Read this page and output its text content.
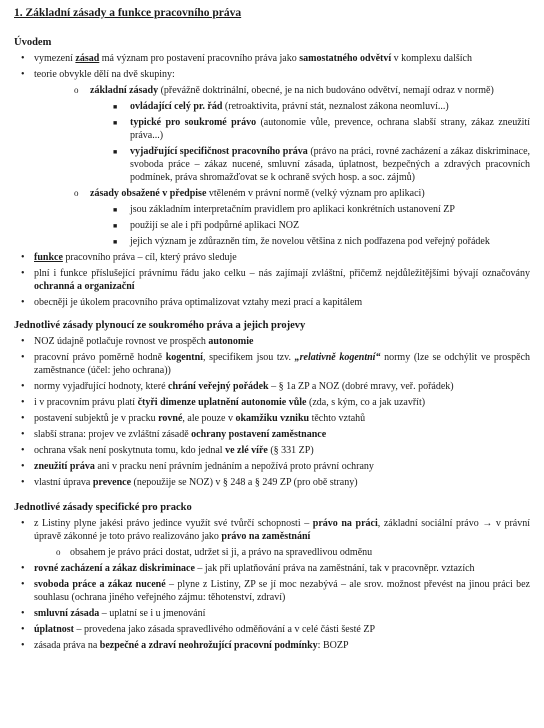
1. Základní zásady a funkce pracovního práva
Úvodem
• vymezení zásad má význam pro postavení pracovního práva jako samostatného odvětví v komplexu dalších
• teorie obvykle dělí na dvě skupiny:
o základní zásady (převážně doktrinální, obecné, je na nich budováno odvětví, nemají odraz v normě)
■ ovládající celý pr. řád (retroaktivita, právní stát, neznalost zákona neomluví...)
■ typické pro soukromé právo (autonomie vůle, prevence, ochrana slabší strany, zákaz zneužití práva...)
■ vyjadřující specifičnost pracovního práva (právo na práci, rovné zacházení a zákaz diskriminace, svoboda práce – zákaz nucené, smluvní zásada, úplatnost, bezpečných a zdravých pracovních podmínek, práva shromažďovat se k ochraně svých hosp. a soc. zájmů)
o zásady obsažené v předpise vtěleném v právní normě (velký význam pro aplikaci)
■ jsou základním interpretačním pravidlem pro aplikaci konkrétních ustanovení ZP
■ použijí se ale i při podpůrné aplikaci NOZ
■ jejich význam je zdůrazněn tím, že novelou většina z nich podřazena pod veřejný pořádek
• funkce pracovního práva – cíl, který právo sleduje
• plní i funkce příslušející právnímu řádu jako celku – nás zajímají zvláštní, přičemž nejdůležitějšími bývají označovány ochranná a organizační
• obecněji je úkolem pracovního práva optimalizovat vztahy mezi prací a kapitálem
Jednotlivé zásady plynoucí ze soukromého práva a jejich projevy
• NOZ údajně potlačuje rovnost ve prospěch autonomie
• pracovní právo poměrně hodně kogentní, specifikem jsou tzv. „relativně kogentní“ normy (lze se odchýlit ve prospěch zaměstnance (účel: jeho ochrana))
• normy vyjadřující hodnoty, které chrání veřejný pořádek – § 1a ZP a NOZ (dobré mravy, veř. pořádek)
• i v pracovním právu platí čtyři dimenze uplatnění autonomie vůle (zda, s kým, co a jak uzavřít)
• postavení subjektů je v pracku rovné, ale pouze v okamžiku vzniku těchto vztahů
• slabší strana: projev ve zvláštní zásadě ochrany postavení zaměstnance
• ochrana však není poskytnuta tomu, kdo jednal ve zlé víře (§ 331 ZP)
• zneužití práva ani v pracku není právním jednáním a nepožívá proto právní ochrany
• vlastní úprava prevence (nepoužije se NOZ) v § 248 a § 249 ZP (pro obě strany)
Jednotlivé zásady specifické pro pracko
• z Listiny plyne jakési právo jedince využít své tvůrčí schopnosti – právo na práci, základní sociální právo → v právní úpravě zákonné je toto právo realizováno jako právo na zaměstnání
o obsahem je právo práci dostat, udržet si ji, a právo na spravedlivou odměnu
• rovné zacházení a zákaz diskriminace – jak při uplatňování práva na zaměstnání, tak v pracovněpr. vztazích
• svoboda práce a zákaz nucené – plyne z Listiny, ZP se jí moc nezabývá – ale srov. možnost převést na jinou práci bez souhlasu (ochrana jiného veřejného zájmu: těhotenství, zdraví)
• smluvní zásada – uplatní se i u jmenování
• úplatnost – provedena jako zásada spravedlivého odměňování a v celé části šesté ZP
• zásada práva na bezpečné a zdraví neohrožující pracovní podmínky: BOZP
